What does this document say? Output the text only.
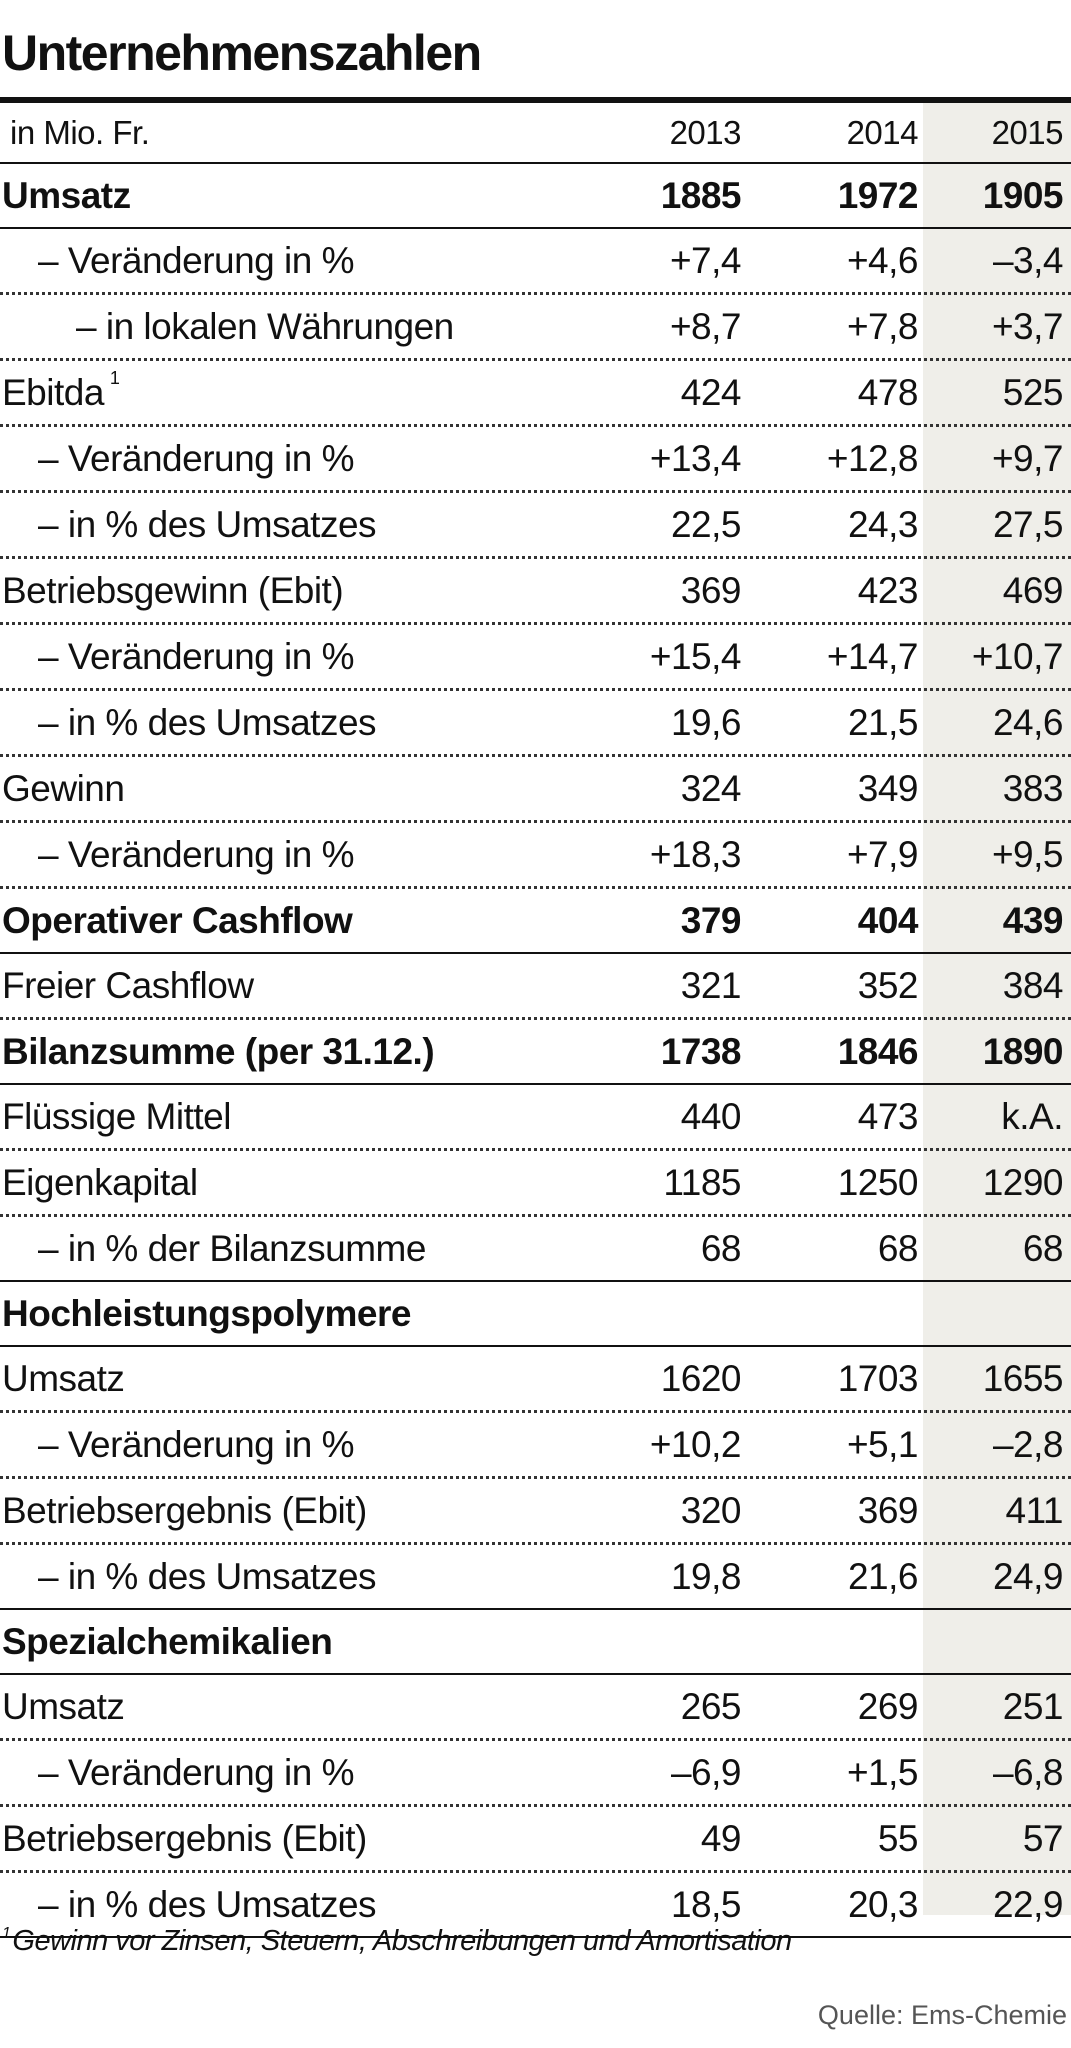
Unternehmenszahlen
in Mio. Fr.	2013	2014 2015
Umsatz	1885	1972 1905
– Veränderung in %	+7,4	+4,6 –3,4
– in lokalen Währungen	+8,7	+7,8 +3,7
Ebitda $^1$	424	478 525
– Veränderung in %	+13,4 +12,8 +9,7
– in % des Umsatzes	22,5	24,3 27,5
Betriebsgewinn (Ebit)	369	423 469
– Veränderung in %	+15,4 +14,7 +10,7
– in % des Umsatzes	19,6	21,5 24,6
Gewinn	324	349 383
– Veränderung in %	+18,3	+7,9 +9,5
Operativer Cashflow	379	404 439
Freier Cashflow	321	352 384
Bilanzsumme (per 31.12.)	1738	1846 1890
Flüssige Mittel	440	473 k.A.
Eigenkapital	1185	1250 1290
– in % der Bilanzsumme	68	68	68
Hochleistungspolymere
Umsatz	1620	1703 1655
– Veränderung in %	+10,2	+5,1 –2,8
Betriebsergebnis (Ebit)	320	369 411
– in % des Umsatzes	19,8	21,6 24,9
Spezialchemikalien
Umsatz	265	269 251
– Veränderung in %	–6,9	+1,5 –6,8
Betriebsergebnis (Ebit)	49	55	57
– in % des Umsatzes	18,5	20,3 22,9
$^1$Gewinn vor Zinsen, Steuern, Abschreibungen und Amortisation
Quelle: Ems-Chemie
